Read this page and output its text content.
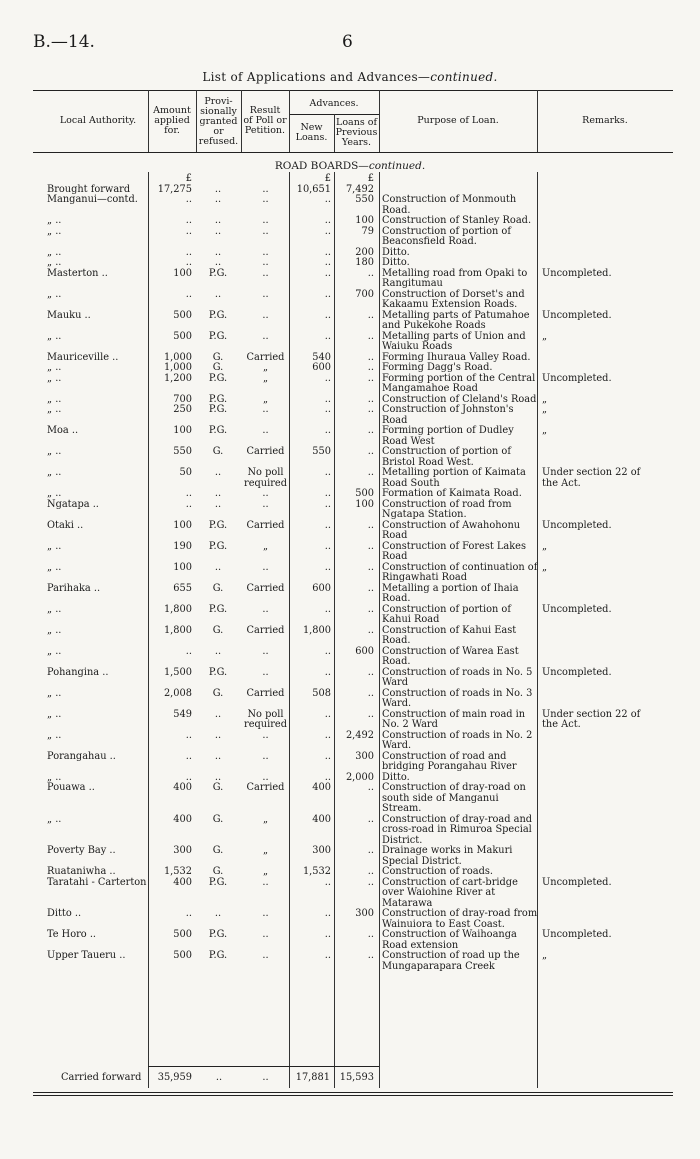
B.—14.	6
List of Applications and Advances—continued.
Local Authority.
Amount
applied
for.
Provi-
sionally
granted
or
refused.
Result
of Poll or
Petition.
Advances.
New
Loans.
Loans of
Previous
Years.
Purpose of Loan.	Remarks.
ROAD BOARDS—continued.
	£			£	£		
Brought forward	17,275	..	..	10,651	7,492		
Manganui—contd.	..	..	..	..	550	Construction of Monmouth Road.	
„ ..	..	..	..	..	100	Construction of Stanley Road.	
„ ..	..	..	..	..	79	Construction of portion of Beaconsfield Road.	
„ ..	..	..	..	..	200	Ditto.	
„ ..	..	..	..	..	180	Ditto.	
Masterton ..	100	P.G.	..	..	..	Metalling road from Opaki to Rangitumau	Uncompleted.
„ ..	..	..	..	..	700	Construction of Dorset's and Kakaamu Extension Roads.	
Mauku ..	500	P.G.	..	..	..	Metalling parts of Patumahoe and Pukekohe Roads	Uncompleted.
„ ..	500	P.G.	..	..	..	Metalling parts of Union and Waiuku Roads	„
Mauriceville ..	1,000	G.	Carried	540	..	Forming Ihuraua Valley Road.	
„ ..	1,000	G.	„	600	..	Forming Dagg's Road.	
„ ..	1,200	P.G.	„	..	..	Forming portion of the Central Mangamahoe Road	Uncompleted.
„ ..	700	P.G.	„	..	..	Construction of Cleland's Road	„
„ ..	250	P.G.	..	..	..	Construction of Johnston's Road	„
Moa ..	100	P.G.	..	..	..	Forming portion of Dudley Road West	„
„ ..	550	G.	Carried	550	..	Construction of portion of Bristol Road West.	
„ ..	50	..	No poll required	..	..	Metalling portion of Kaimata Road South	Under section 22 of the Act.
„ ..	..	..	..	..	500	Formation of Kaimata Road.	
Ngatapa ..	..	..	..	..	100	Construction of road from Ngatapa Station.	
Otaki ..	100	P.G.	Carried	..	..	Construction of Awahohonu Road	Uncompleted.
„ ..	190	P.G.	„	..	..	Construction of Forest Lakes Road	„
„ ..	100	..	..	..	..	Construction of continuation of Ringawhati Road	„
Parihaka ..	655	G.	Carried	600	..	Metalling a portion of Ihaia Road.	
„ ..	1,800	P.G.	..	..	..	Construction of portion of Kahui Road	Uncompleted.
„ ..	1,800	G.	Carried	1,800	..	Construction of Kahui East Road.	
„ ..	..	..	..	..	600	Construction of Warea East Road.	
Pohangina ..	1,500	P.G.	..	..	..	Construction of roads in No. 5 Ward	Uncompleted.
„ ..	2,008	G.	Carried	508	..	Construction of roads in No. 3 Ward.	
„ ..	549	..	No poll required	..	..	Construction of main road in No. 2 Ward	Under section 22 of the Act.
„ ..	..	..	..	..	2,492	Construction of roads in No. 2 Ward.	
Porangahau ..	..	..	..	..	300	Construction of road and bridging Porangahau River	
„ ..	..	..	..	..	2,000	Ditto.	
Pouawa ..	400	G.	Carried	400	..	Construction of dray-road on south side of Manganui Stream.	
„ ..	400	G.	„	400	..	Construction of dray-road and cross-road in Rimuroa Special District.	
Poverty Bay ..	300	G.	„	300	..	Drainage works in Makuri Special District.	
Ruataniwha ..	1,532	G.	„	1,532	..	Construction of roads.	
Taratahi - Carterton	400	P.G.	..	..	..	Construction of cart-bridge over Waiohine River at Matarawa	Uncompleted.
Ditto ..	..	..	..	..	300	Construction of dray-road from Wainuiora to East Coast.	
Te Horo ..	500	P.G.	..	..	..	Construction of Waihoanga Road extension	Uncompleted.
Upper Taueru ..	500	P.G.	..	..	..	Construction of road up the Mungaparapara Creek	„
Carried forward	35,959	..	..	17,881 15,593
